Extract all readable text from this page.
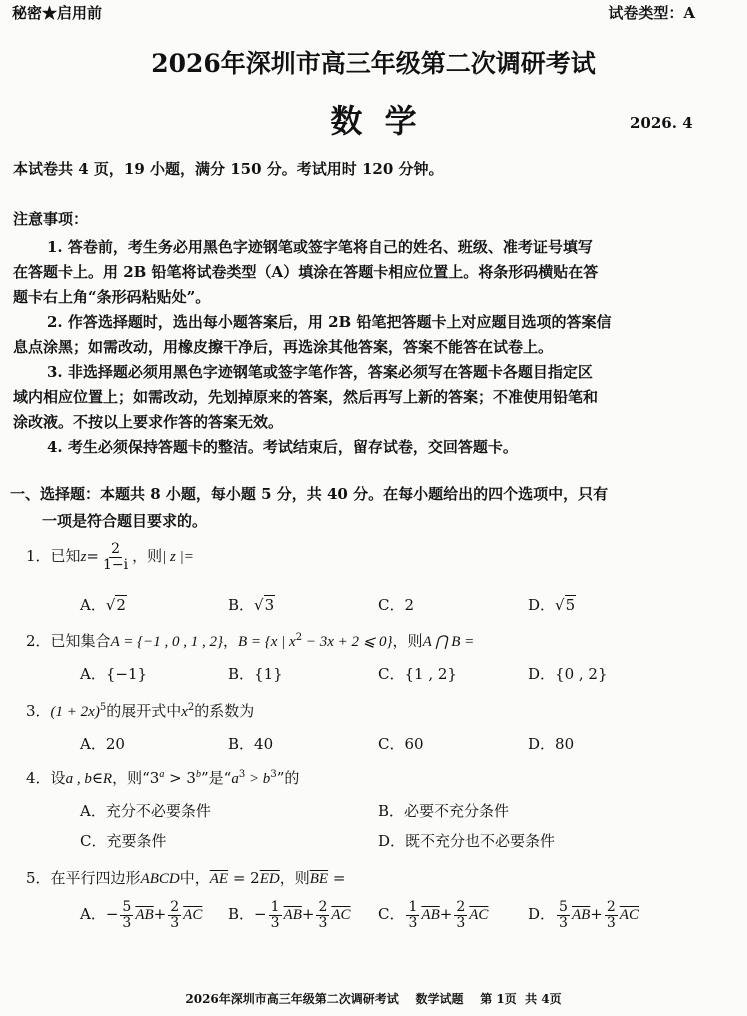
秘密★启用前	试卷类型：A
2026年深圳市高三年级第二次调研考试
数  学	2026. 4
本试卷共 4 页，19 小题，满分 150 分。考试用时 120 分钟。
注意事项：
1. 答卷前，考生务必用黑色字迹钢笔或签字笔将自己的姓名、班级、准考证号填写
在答题卡上。用 2B 铅笔将试卷类型（A）填涂在答题卡相应位置上。将条形码横贴在答
题卡右上角“条形码粘贴处”。
2. 作答选择题时，选出每小题答案后，用 2B 铅笔把答题卡上对应题目选项的答案信
息点涂黑；如需改动，用橡皮擦干净后，再选涂其他答案，答案不能答在试卷上。
3. 非选择题必须用黑色字迹钢笔或签字笔作答，答案必须写在答题卡各题目指定区
域内相应位置上；如需改动，先划掉原来的答案，然后再写上新的答案；不准使用铅笔和
涂改液。不按以上要求作答的答案无效。
4. 考生必须保持答题卡的整洁。考试结束后，留存试卷，交回答题卡。
一、选择题：本题共 8 小题，每小题 5 分，共 40 分。在每小题给出的四个选项中，只有
一项是符合题目要求的。
1．已知$z= \frac{2}{1-i}$ ，则| z |=
A．√2	B．√3	C．2	D．√5
2．已知集合A = {−1 , 0 , 1 , 2}，B = {x | $x^2 - 3x + 2$ ⩽ 0}，则A ⋂ B =
A．{−1}	B．{1}	C．{1 , 2}	D．{0 , 2}
3．$(1 + 2x)^5$的展开式中$x^2$的系数为
A．20	B．40	C．60	D．80
4．设a , b∈R，则“$3^a > 3^b$”是“$a^3 > b^3$”的
A．充分不必要条件	B．必要不充分条件
C．充要条件	D．既不充分也不必要条件
5．在平行四边形ABCD中，$\overline{AE} = 2\overline{ED}$，则$\overline{BE}$ =
A．− $\frac{5}{3} \overline{AB}+ \frac{2}{3} \overline{AC}$ B．− $\frac{1}{3} \overline{AB}+ \frac{2}{3} \overline{AC}$ C． $\frac{1}{3} \overline{AB}+ \frac{2}{3} \overline{AC}$	D． $\frac{5}{3} \overline{AB}+ \frac{2}{3} \overline{AC}$
2026年深圳市高三年级第二次调研考试    数学试题    第 1页  共 4页
